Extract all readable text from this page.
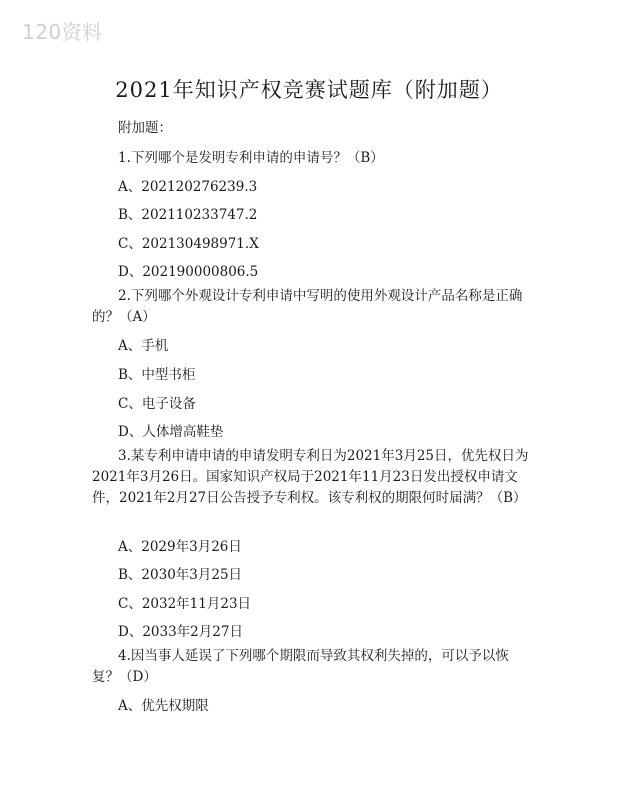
120资料
2021年知识产权竞赛试题库（附加题）
附加题：
1.下列哪个是发明专利申请的申请号？（B）
A、202120276239.3
B、202110233747.2
C、202130498971.X
D、202190000806.5

2.下列哪个外观设计专利申请中写明的使用外观设计产品名称是正确的？（A）

A、手机
B、中型书柜
C、电子设备
D、人体增高鞋垫

3.某专利申请申请的申请发明专利日为2021年3月25日，优先权日为2021年3月26日。国家知识产权局于2021年11月23日发出授权申请文件，2021年2月27日公告授予专利权。该专利权的期限何时届满？（B）

A、2029年3月26日
B、2030年3月25日
C、2032年11月23日
D、2033年2月27日

4.因当事人延误了下列哪个期限而导致其权利失掉的，可以予以恢复？（D）

A、优先权期限
